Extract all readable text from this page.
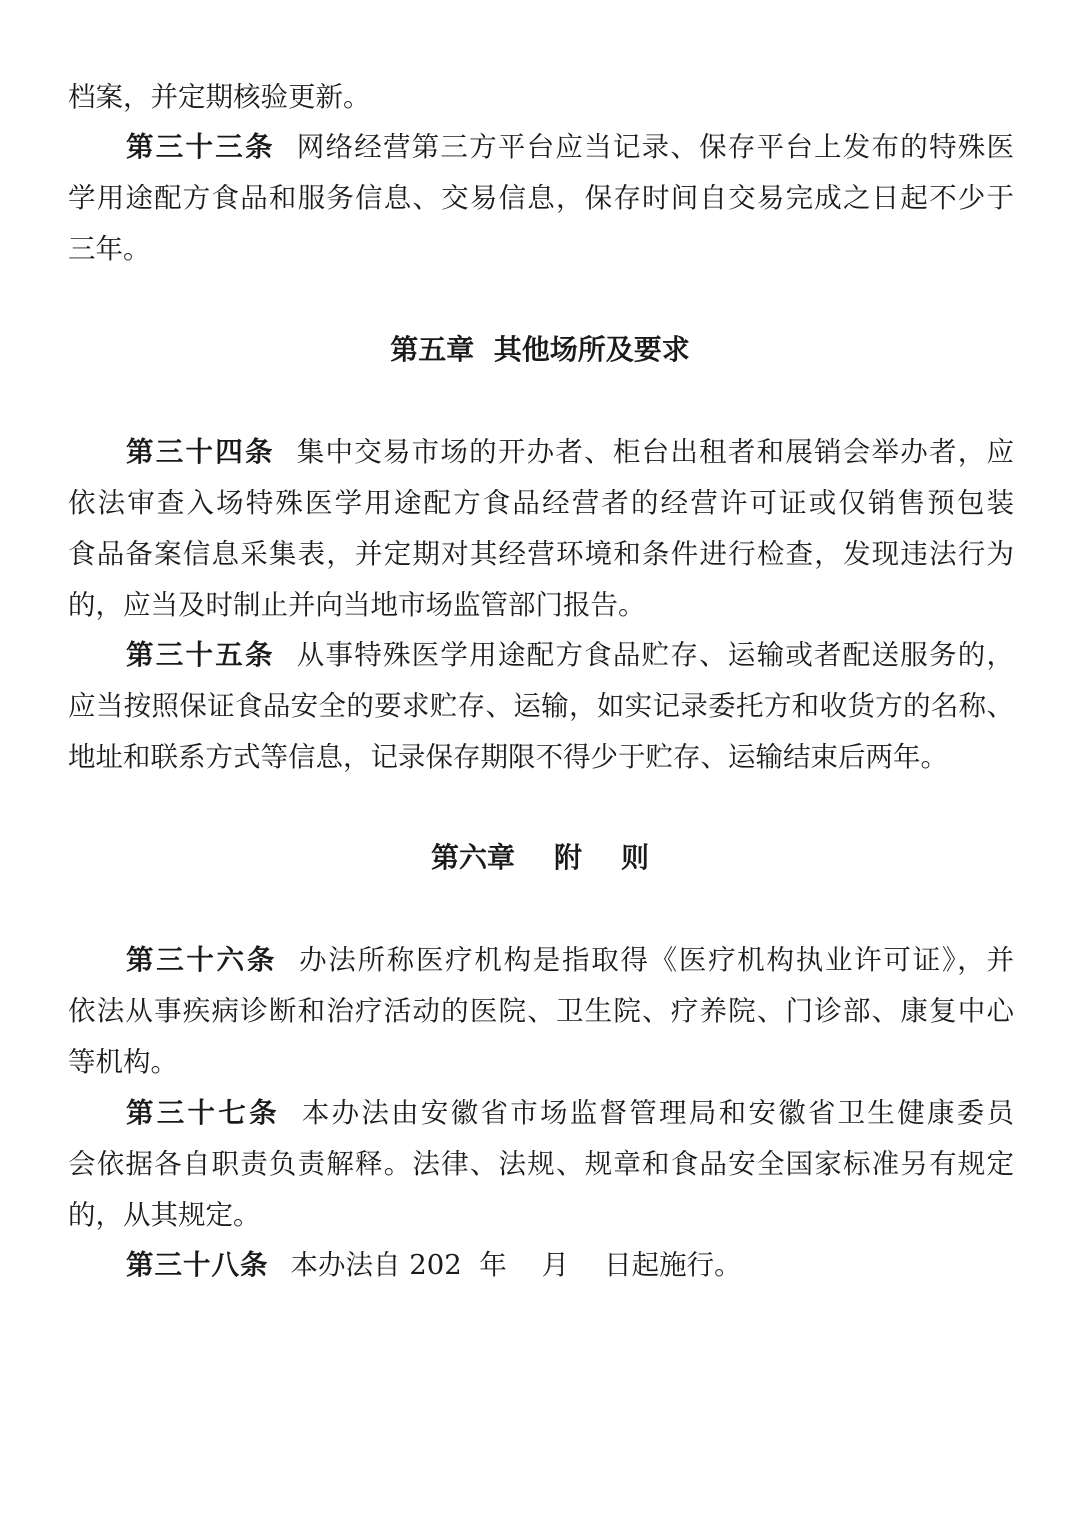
档案，并定期核验更新。
第三十三条 网络经营第三方平台应当记录、保存平台上发布的特殊医
学用途配方食品和服务信息、交易信息，保存时间自交易完成之日起不少于
三年。
第五章  其他场所及要求
第三十四条 集中交易市场的开办者、柜台出租者和展销会举办者，应
依法审查入场特殊医学用途配方食品经营者的经营许可证或仅销售预包装
食品备案信息采集表，并定期对其经营环境和条件进行检查，发现违法行为
的，应当及时制止并向当地市场监管部门报告。
第三十五条 从事特殊医学用途配方食品贮存、运输或者配送服务的，
应当按照保证食品安全的要求贮存、运输，如实记录委托方和收货方的名称、
地址和联系方式等信息，记录保存期限不得少于贮存、运输结束后两年。
第六章    附    则
第三十六条 办法所称医疗机构是指取得《医疗机构执业许可证》，并
依法从事疾病诊断和治疗活动的医院、卫生院、疗养院、门诊部、康复中心
等机构。
第三十七条 本办法由安徽省市场监督管理局和安徽省卫生健康委员
会依据各自职责负责解释。法律、法规、规章和食品安全国家标准另有规定
的，从其规定。
第三十八条 本办法自 202  年    月    日起施行。
